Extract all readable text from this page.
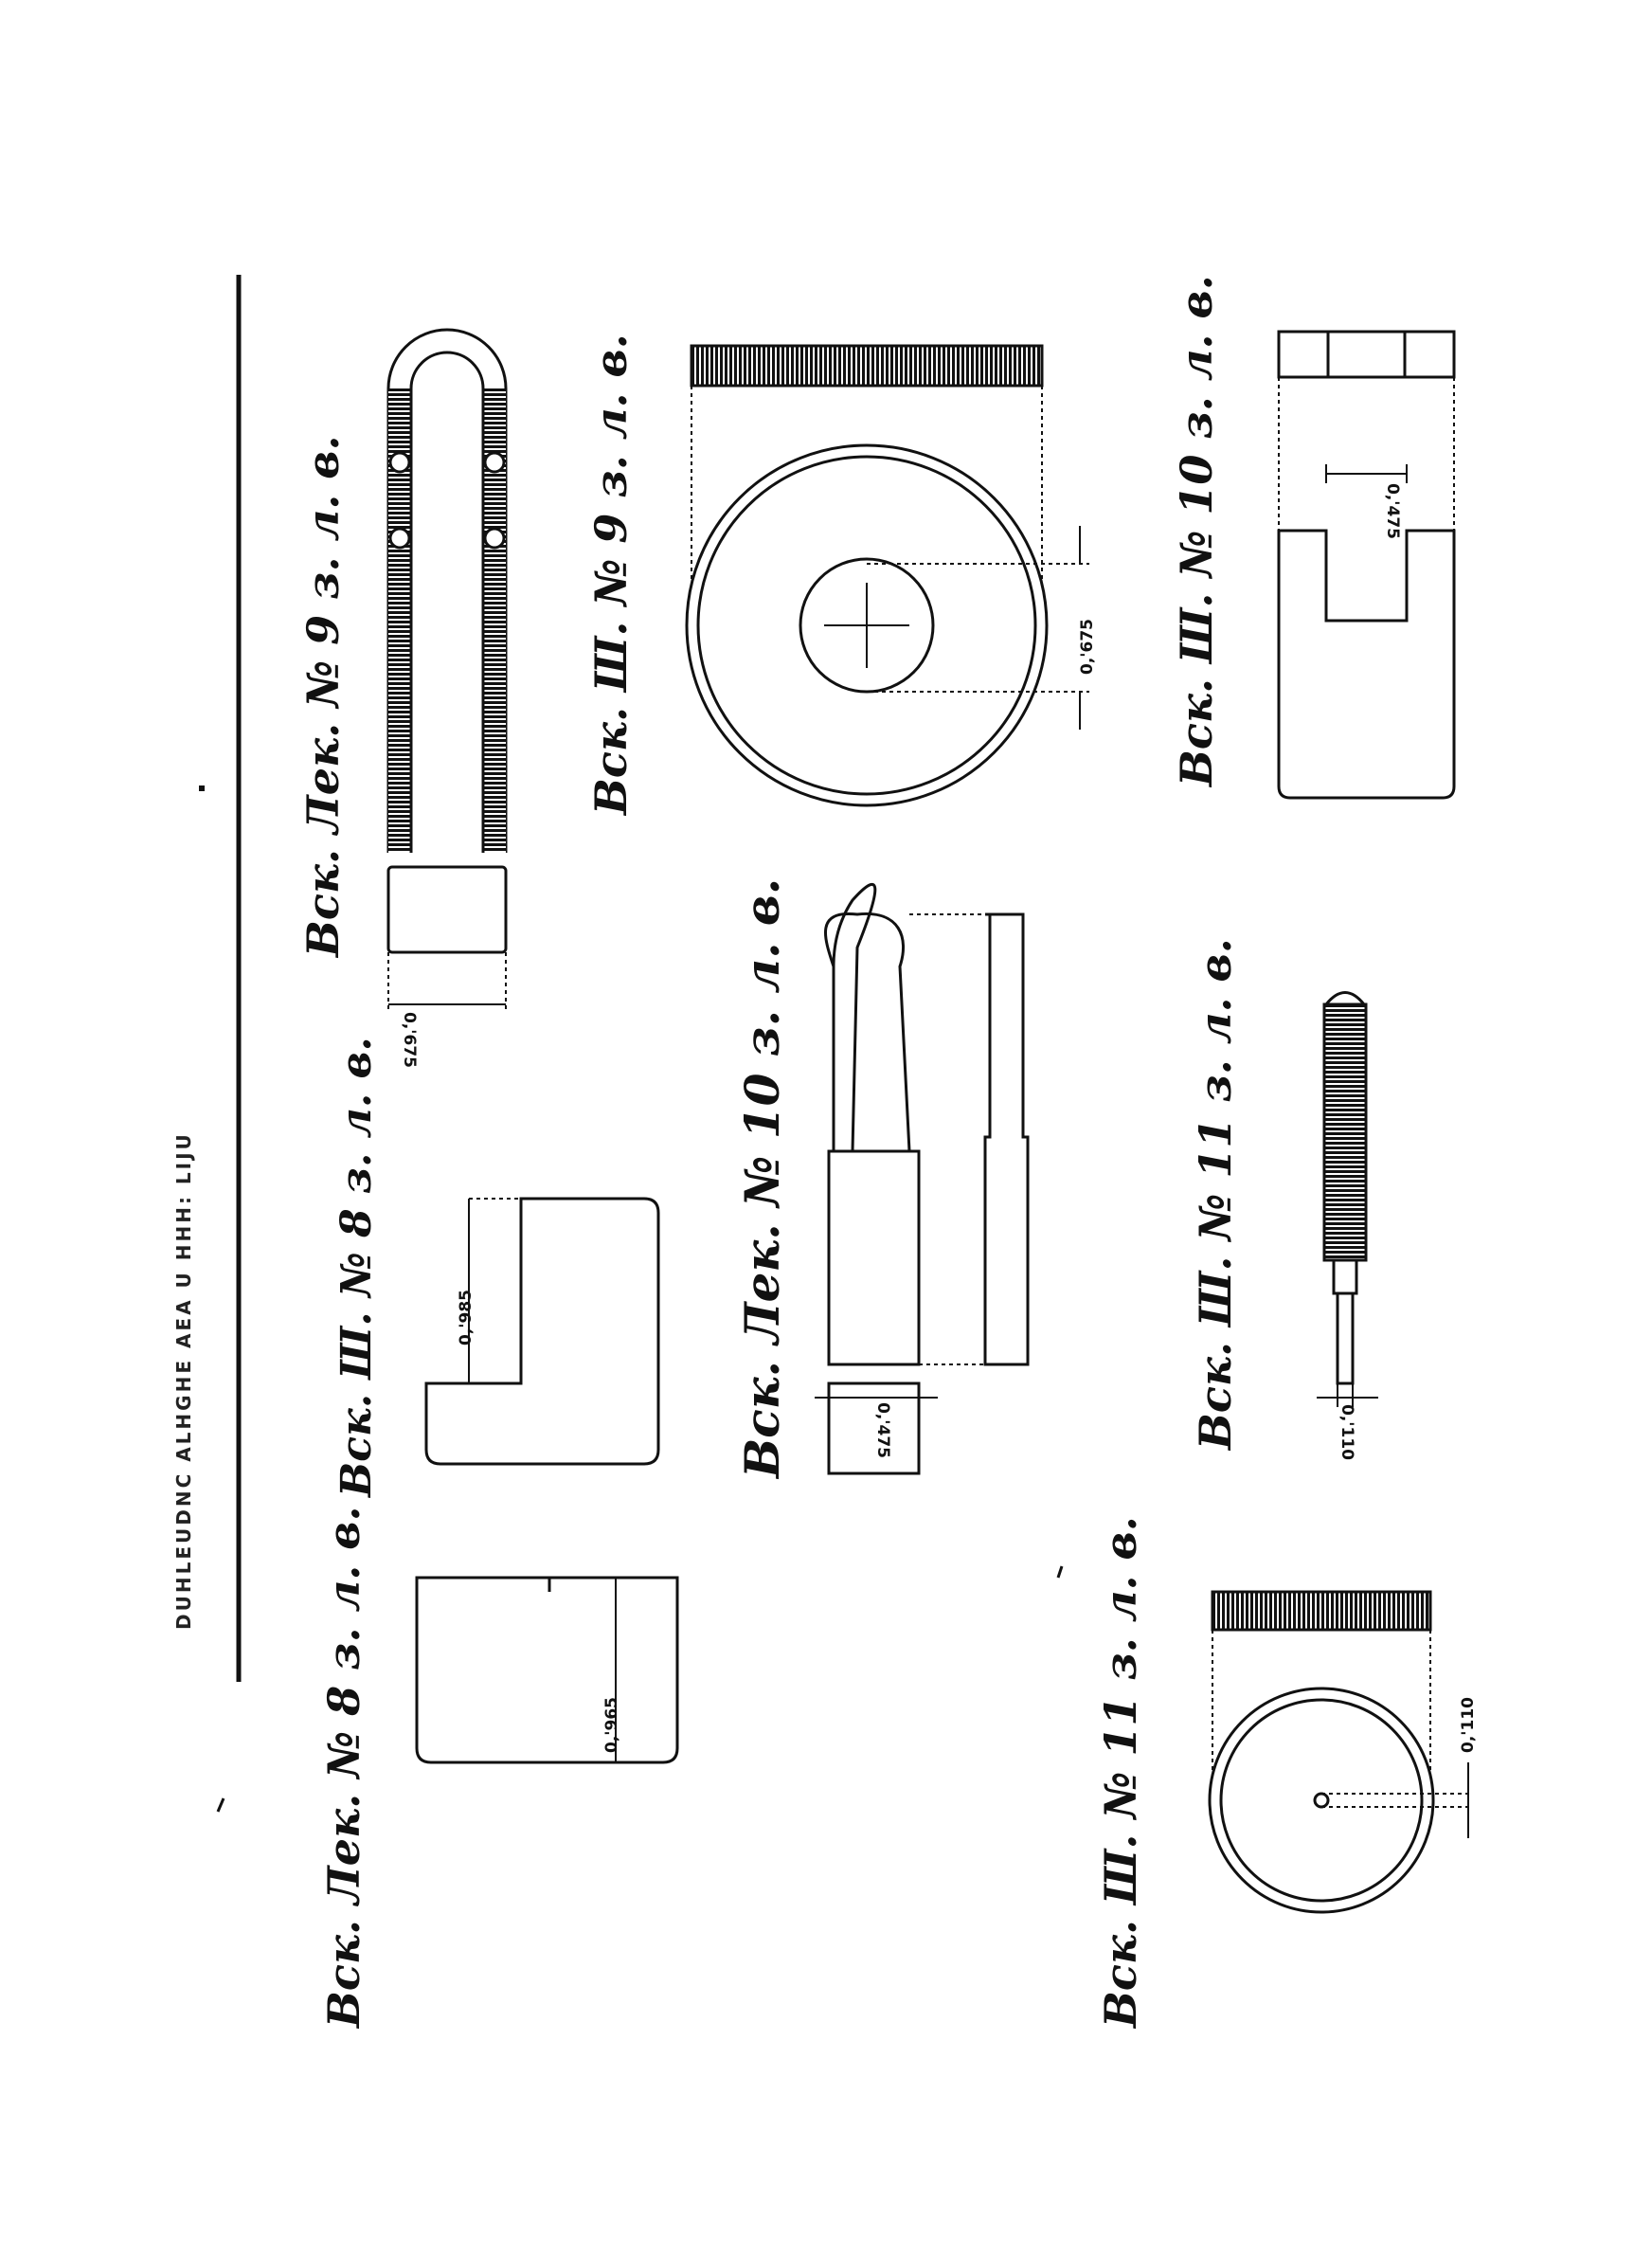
DUHLEUDNC ALHGHE AEA U HHH: LIJU
Вск. Лек. № 9 з. л. в.	Вск. Ш. № 9 з. л. в.	Вск. Ш. № 10 з. л. в.
Вск. Ш. № 8 з. л. в.	Вск. Лек. № 10 з. л. в.	Вск. Ш. № 11 з. л. в.
Вск. Лек. № 8 з. л. в.	Вск. Ш. № 11 з. л. в.
0,'675
0,'675
0,'475
0,'985
0,'475	0,'110
0,'965	0,'110
